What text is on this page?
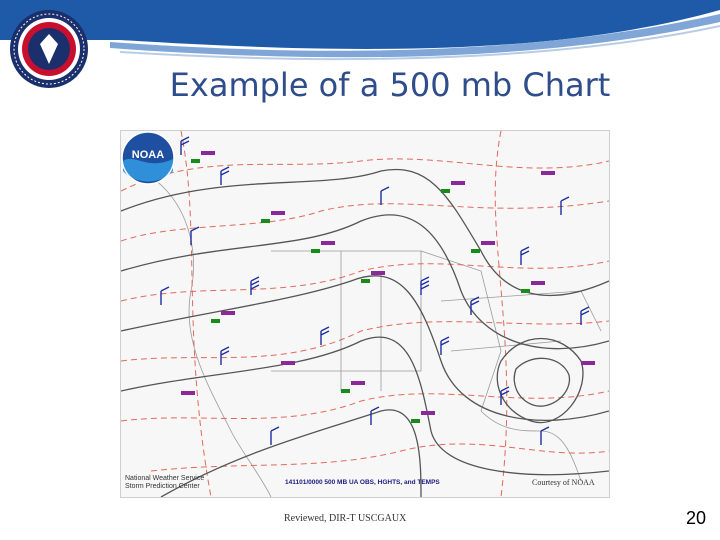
Example of a 500 mb Chart
NOAA
National Weather Service
Storm Prediction Center
141101/0000 500 MB UA OBS, HGHTS, and TEMPS	Courtesy of NOAA
Reviewed, DIR-T USCGAUX	20
